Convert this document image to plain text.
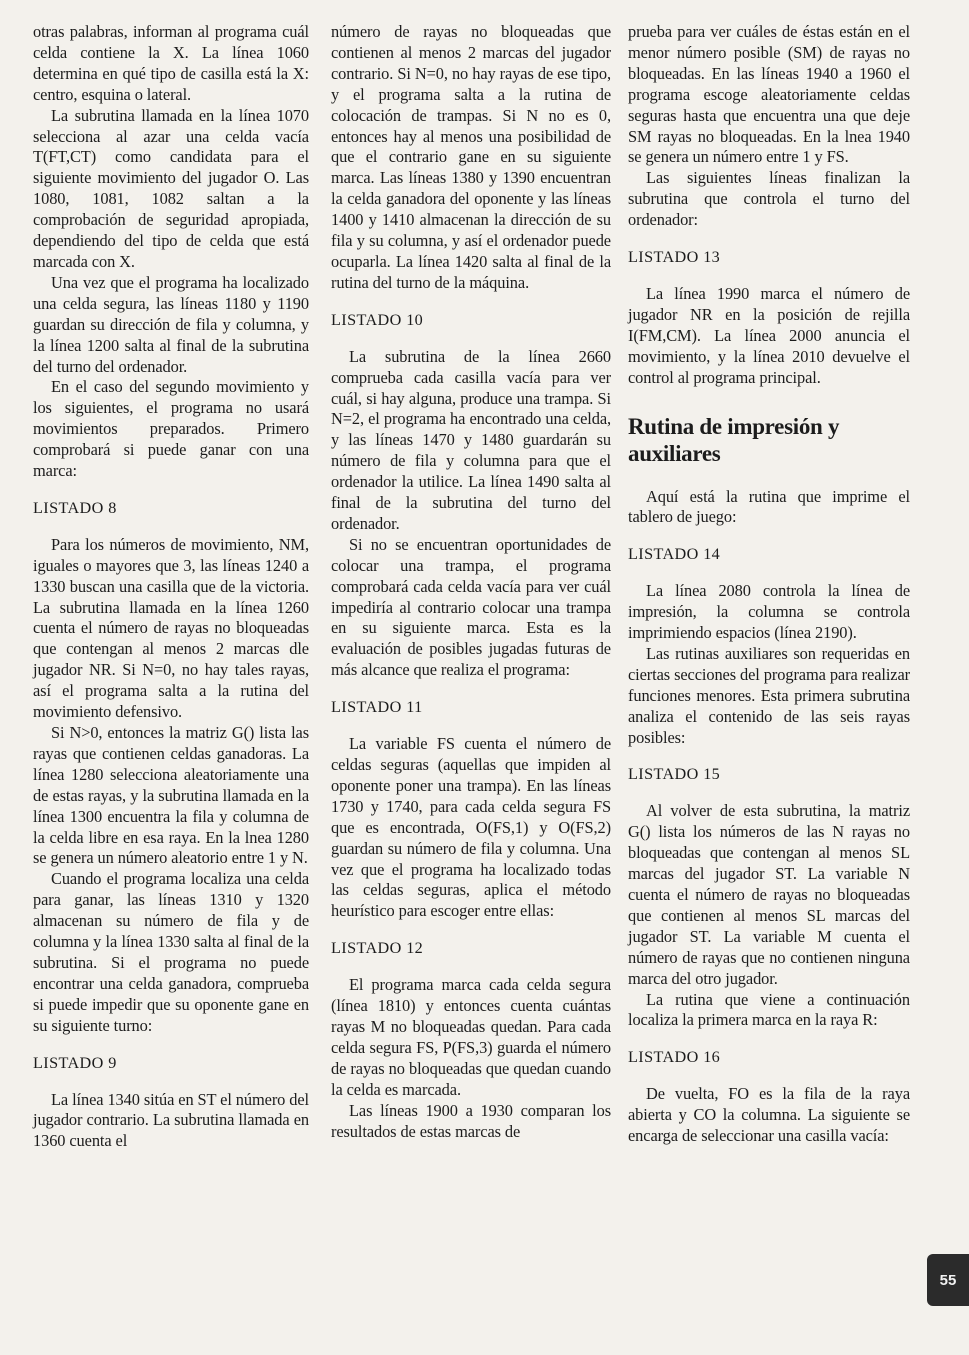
otras palabras, informan al programa cuál celda contiene la X. La línea 1060 determina en qué tipo de casilla está la X: centro, esquina o lateral.

La subrutina llamada en la línea 1070 selecciona al azar una celda vacía T(FT,CT) como candidata para el siguiente movimiento del jugador O. Las 1080, 1081, 1082 saltan a la comprobación de seguridad apropiada, dependiendo del tipo de celda que está marcada con X.

Una vez que el programa ha localizado una celda segura, las líneas 1180 y 1190 guardan su dirección de fila y columna, y la línea 1200 salta al final de la subrutina del turno del ordenador.

En el caso del segundo movimiento y los siguientes, el programa no usará movimientos preparados. Primero comprobará si puede ganar con una marca:

LISTADO 8

Para los números de movimiento, NM, iguales o mayores que 3, las líneas 1240 a 1330 buscan una casilla que de la victoria. La subrutina llamada en la línea 1260 cuenta el número de rayas no bloqueadas que contengan al menos 2 marcas dle jugador NR. Si N=0, no hay tales rayas, así el programa salta a la rutina del movimiento defensivo.

Si N>0, entonces la matriz G() lista las rayas que contienen celdas ganadoras. La línea 1280 selecciona aleatoriamente una de estas rayas, y la subrutina llamada en la línea 1300 encuentra la fila y columna de la celda libre en esa raya. En la lnea 1280 se genera un número aleatorio entre 1 y N.

Cuando el programa localiza una celda para ganar, las líneas 1310 y 1320 almacenan su número de fila y de columna y la línea 1330 salta al final de la subrutina. Si el programa no puede encontrar una celda ganadora, comprueba si puede impedir que su oponente gane en su siguiente turno:

LISTADO 9

La línea 1340 sitúa en ST el número del jugador contrario. La subrutina llamada en 1360 cuenta el

número de rayas no bloqueadas que contienen al menos 2 marcas del jugador contrario. Si N=0, no hay rayas de ese tipo, y el programa salta a la rutina de colocación de trampas. Si N no es 0, entonces hay al menos una posibilidad de que el contrario gane en su siguiente marca. Las líneas 1380 y 1390 encuentran la celda ganadora del oponente y las líneas 1400 y 1410 almacenan la dirección de su fila y su columna, y así el ordenador puede ocuparla. La línea 1420 salta al final de la rutina del turno de la máquina.

LISTADO 10

La subrutina de la línea 2660 comprueba cada casilla vacía para ver cuál, si hay alguna, produce una trampa. Si N=2, el programa ha encontrado una celda, y las líneas 1470 y 1480 guardarán su número de fila y columna para que el ordenador la utilice. La línea 1490 salta al final de la subrutina del turno del ordenador.

Si no se encuentran oportunidades de colocar una trampa, el programa comprobará cada celda vacía para ver cuál impediría al contrario colocar una trampa en su siguiente marca. Esta es la evaluación de posibles jugadas futuras de más alcance que realiza el programa:

LISTADO 11

La variable FS cuenta el número de celdas seguras (aquellas que impiden al oponente poner una trampa). En las líneas 1730 y 1740, para cada celda segura FS que es encontrada, O(FS,1) y O(FS,2) guardan su número de fila y columna. Una vez que el programa ha localizado todas las celdas seguras, aplica el método heurístico para escoger entre ellas:

LISTADO 12

El programa marca cada celda segura (línea 1810) y entonces cuenta cuántas rayas M no bloqueadas quedan. Para cada celda segura FS, P(FS,3) guarda el número de rayas no bloqueadas que quedan cuando la celda es marcada.

Las líneas 1900 a 1930 comparan los resultados de estas marcas de

prueba para ver cuáles de éstas están en el menor número posible (SM) de rayas no bloqueadas. En las líneas 1940 a 1960 el programa escoge aleatoriamente celdas seguras hasta que encuentra una que deje SM rayas no bloqueadas. En la lnea 1940 se genera un número entre 1 y FS.

Las siguientes líneas finalizan la subrutina que controla el turno del ordenador:

LISTADO 13

La línea 1990 marca el número de jugador NR en la posición de rejilla I(FM,CM). La línea 2000 anuncia el movimiento, y la línea 2010 devuelve el control al programa principal.

Rutina de impresión y auxiliares

Aquí está la rutina que imprime el tablero de juego:

LISTADO 14

La línea 2080 controla la línea de impresión, la columna se controla imprimiendo espacios (línea 2190).

Las rutinas auxiliares son requeridas en ciertas secciones del programa para realizar funciones menores. Esta primera subrutina analiza el contenido de las seis rayas posibles:

LISTADO 15

Al volver de esta subrutina, la matriz G() lista los números de las N rayas no bloqueadas que contengan al menos SL marcas del jugador ST. La variable N cuenta el número de rayas no bloqueadas que contienen al menos SL marcas del jugador ST. La variable M cuenta el número de rayas que no contienen ninguna marca del otro jugador.

La rutina que viene a continuación localiza la primera marca en la raya R:

LISTADO 16

De vuelta, FO es la fila de la raya abierta y CO la columna. La siguiente se encarga de seleccionar una casilla vacía:

55
